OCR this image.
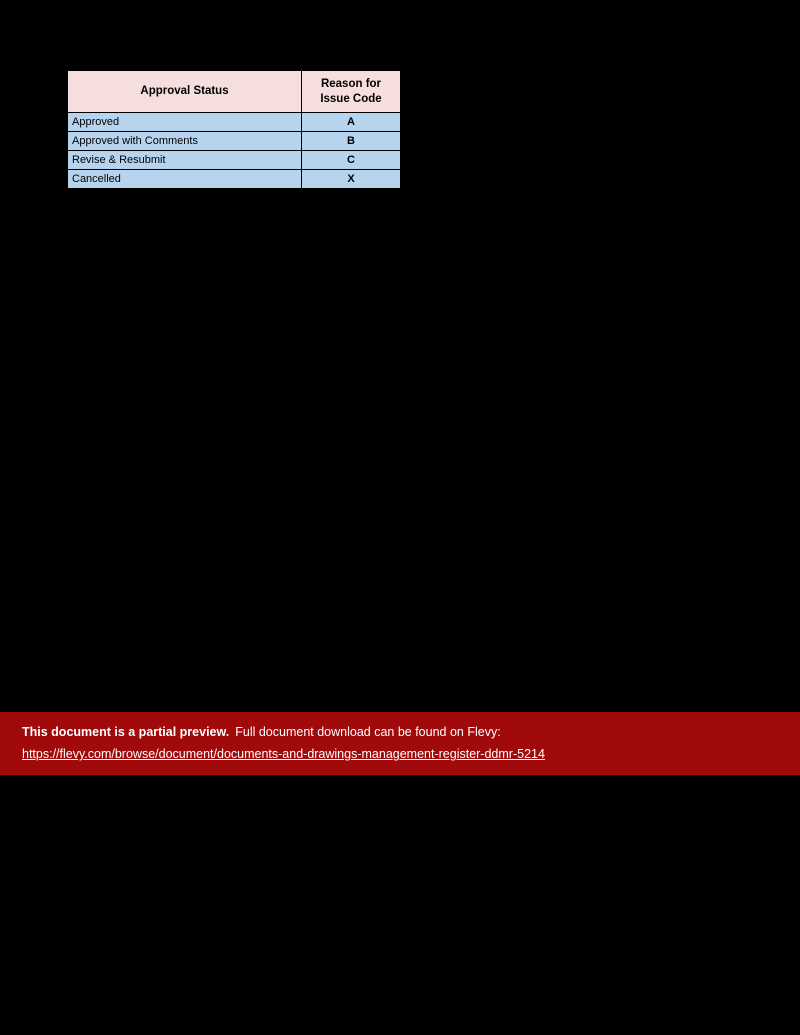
Approval Status	Reason for
Issue Code
Approved	A
Approved with Comments	B
Revise & Resubmit	C
Cancelled	X
This document is a partial preview. Full document download can be found on Flevy:
https://flevy.com/browse/document/documents-and-drawings-management-register-ddmr-5214
